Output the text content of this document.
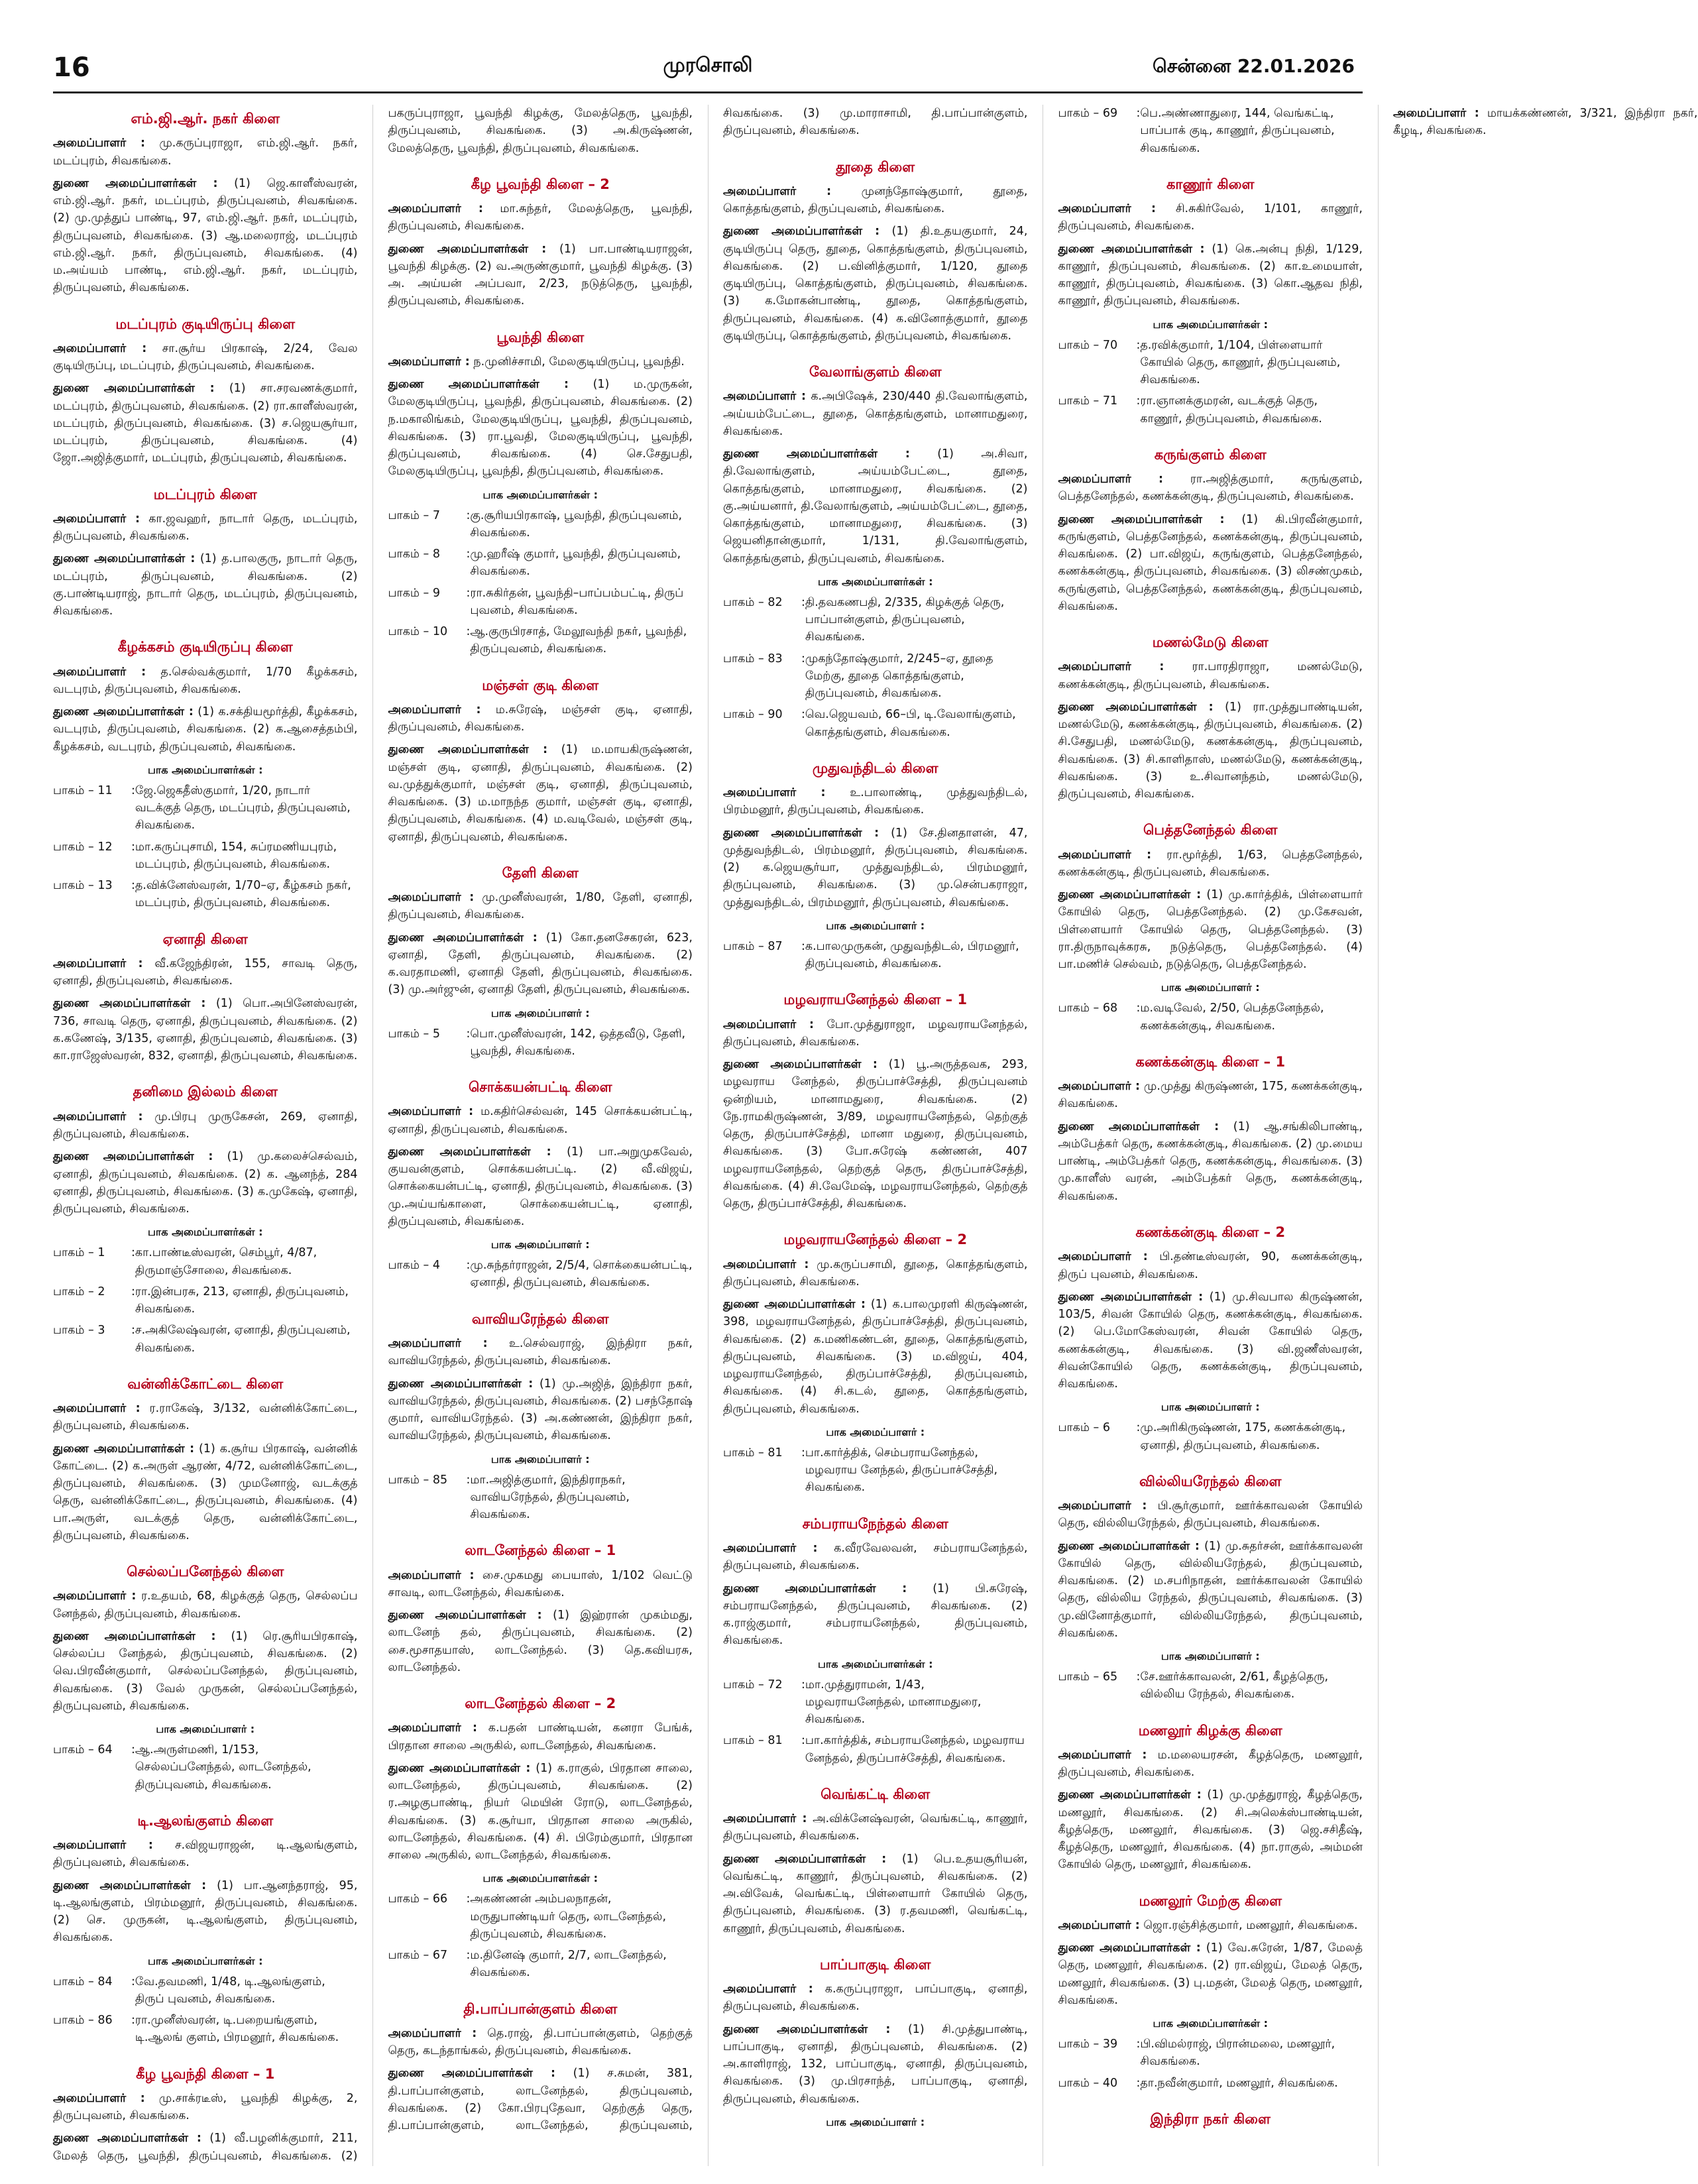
16	முரசொலி	சென்னை 22.01.2026
எம்.ஜி.ஆர். நகர் கிளை

அமைப்பாளர் : மு.கருப்புராஜா, எம்.ஜி.ஆர். நகர், மடப்புரம், சிவகங்கை.

துணை அமைப்பாளர்கள் : (1) ஜெ.காளீஸ்வரன், எம்.ஜி.ஆர். நகர், மடப்புரம், திருப்புவனம், சிவகங்கை. (2) மு.முத்துப் பாண்டி, 97, எம்.ஜி.ஆர். நகர், மடப்புரம், திருப்புவனம், சிவகங்கை. (3) ஆ.மலைராஜ், மடப்புரம் எம்.ஜி.ஆர். நகர், திருப்புவனம், சிவகங்கை. (4) ம.அய்யம் பாண்டி, எம்.ஜி.ஆர். நகர், மடப்புரம், திருப்புவனம், சிவகங்கை.

மடப்புரம் குடியிருப்பு கிளை

அமைப்பாளர் : சா.சூர்ய பிரகாஷ், 2/24, வேல குடியிருப்பு, மடப்புரம், திருப்புவனம், சிவகங்கை.

துணை அமைப்பாளர்கள் : (1) சா.சரவணக்குமார், மடப்புரம், திருப்புவனம், சிவகங்கை. (2) ரா.காளீஸ்வரன், மடப்புரம், திருப்புவனம், சிவகங்கை. (3) ச.ஜெயசூர்யா, மடப்புரம், திருப்புவனம், சிவகங்கை. (4) ஜோ.அஜித்குமார், மடப்புரம், திருப்புவனம், சிவகங்கை.

மடப்புரம் கிளை

அமைப்பாளர் : கா.ஜவஹர், நாடார் தெரு, மடப்புரம், திருப்புவனம், சிவகங்கை.

துணை அமைப்பாளர்கள் : (1) த.பாலகுரு, நாடார் தெரு, மடப்புரம், திருப்புவனம், சிவகங்கை. (2) கு.பாண்டியராஜ், நாடார் தெரு, மடப்புரம், திருப்புவனம், சிவகங்கை.

கீழக்கசம் குடியிருப்பு கிளை

அமைப்பாளர் : த.செல்வக்குமார், 1/70 கீழக்கசம், வடபுரம், திருப்புவனம், சிவகங்கை.

துணை அமைப்பாளர்கள் : (1) க.சக்தியமூர்த்தி, கீழக்கசம், வடபுரம், திருப்புவனம், சிவகங்கை. (2) க.ஆசைத்தம்பி, கீழக்கசம், வடபுரம், திருப்புவனம், சிவகங்கை.

பாக அமைப்பாளர்கள் :
பாகம் – 11	: ஜே.ஜெகதீஸ்குமார், 1/20, நாடார் வடக்குத் தெரு, மடப்புரம், திருப்புவனம், சிவகங்கை.
பாகம் – 12	: மா.கருப்புசாமி, 154, சுப்ரமணியபுரம், மடப்புரம், திருப்புவனம், சிவகங்கை.
பாகம் – 13	: த.விக்னேஸ்வரன், 1/70–ஏ, கீழ்கசம் நகர், மடப்புரம், திருப்புவனம், சிவகங்கை.
ஏனாதி கிளை

அமைப்பாளர் : வீ.கஜேந்திரன், 155, சாவடி தெரு, ஏனாதி, திருப்புவனம், சிவகங்கை.

துணை அமைப்பாளர்கள் : (1) பொ.அபினேஸ்வரன், 736, சாவடி தெரு, ஏனாதி, திருப்புவனம், சிவகங்கை. (2) க.கணேஷ், 3/135, ஏனாதி, திருப்புவனம், சிவகங்கை. (3) கா.ராஜேஸ்வரன், 832, ஏனாதி, திருப்புவனம், சிவகங்கை.

தனிமை இல்லம் கிளை

அமைப்பாளர் : மு.பிரபு முருகேசன், 269, ஏனாதி, திருப்புவனம், சிவகங்கை.

துணை அமைப்பாளர்கள் : (1) மு.கலைச்செல்வம், ஏனாதி, திருப்புவனம், சிவகங்கை. (2) க. ஆனந்த், 284 ஏனாதி, திருப்புவனம், சிவகங்கை. (3) க.முகேஷ், ஏனாதி, திருப்புவனம், சிவகங்கை.

பாக அமைப்பாளர்கள் :
பாகம் – 1	: கா.பாண்டீஸ்வரன், செம்பூர், 4/87, திருமாஞ்சோலை, சிவகங்கை.
பாகம் – 2	: ரா.இன்பரசு, 213, ஏனாதி, திருப்புவனம், சிவகங்கை.
பாகம் – 3	: ச.அகிலேஷ்வரன், ஏனாதி, திருப்புவனம், சிவகங்கை.
வன்னிக்கோட்டை கிளை

அமைப்பாளர் : ர.ராகேஷ், 3/132, வன்னிக்கோட்டை, திருப்புவனம், சிவகங்கை.

துணை அமைப்பாளர்கள் : (1) க.சூர்ய பிரகாஷ், வன்னிக் கோட்டை. (2) க.அருள் ஆரண், 4/72, வன்னிக்கோட்டை, திருப்புவனம், சிவகங்கை. (3) முமனோஜ், வடக்குத் தெரு, வன்னிக்கோட்டை, திருப்புவனம், சிவகங்கை. (4) பா.அருள், வடக்குத் தெரு, வன்னிக்கோட்டை, திருப்புவனம், சிவகங்கை.

செல்லப்பனேந்தல் கிளை

அமைப்பாளர் : ர.உதயம், 68, கிழக்குத் தெரு, செல்லப்ப னேந்தல், திருப்புவனம், சிவகங்கை.

துணை அமைப்பாளர்கள் : (1) ரெ.சூரியபிரகாஷ், செல்லப்ப னேந்தல், திருப்புவனம், சிவகங்கை. (2) வெ.பிரவீன்குமார், செல்லப்பனேந்தல், திருப்புவனம், சிவகங்கை. (3) வேல் முருகன், செல்லப்பனேந்தல், திருப்புவனம், சிவகங்கை.

பாக அமைப்பாளர் :
பாகம் – 64	: ஆ.அருள்மணி, 1/153, செல்லப்பனேந்தல், லாடனேந்தல், திருப்புவனம், சிவகங்கை.
டி.ஆலங்குளம் கிளை

அமைப்பாளர் : ச.விஜயராஜன், டி.ஆலங்குளம், திருப்புவனம், சிவகங்கை.

துணை அமைப்பாளர்கள் : (1) பா.ஆனந்தராஜ், 95, டி.ஆலங்குளம், பிரம்மனூர், திருப்புவனம், சிவகங்கை. (2) செ. முருகன், டி.ஆலங்குளம், திருப்புவனம், சிவகங்கை.

பாக அமைப்பாளர்கள் :
பாகம் – 84	: வே.தவமணி, 1/48, டி.ஆலங்குளம், திருப் புவனம், சிவகங்கை.
பாகம் – 86	: ரா.முனீஸ்வரன், டி.பறையங்குளம், டி.ஆலங் குளம், பிரமனூர், சிவகங்கை.
கீழ பூவந்தி கிளை – 1

அமைப்பாளர் : மு.சாக்ரடீஸ், பூவந்தி கிழக்கு, 2, திருப்புவனம், சிவகங்கை.

துணை அமைப்பாளர்கள் : (1) வீ.பழனிக்குமார், 211, மேலத் தெரு, பூவந்தி, திருப்புவனம், சிவகங்கை. (2) பகருப்புராஜா, பூவந்தி கிழக்கு, மேலத்தெரு, பூவந்தி, திருப்புவனம், சிவகங்கை. (3) அ.கிருஷ்ணன், மேலத்தெரு, பூவந்தி, திருப்புவனம், சிவகங்கை.

கீழ பூவந்தி கிளை – 2

அமைப்பாளர் : மா.சுந்தர், மேலத்தெரு, பூவந்தி, திருப்புவனம், சிவகங்கை.

துணை அமைப்பாளர்கள் : (1) பா.பாண்டியராஜன், பூவந்தி கிழக்கு. (2) வ.அருண்குமார், பூவந்தி கிழக்கு. (3) அ. அய்யன் அப்பவா, 2/23, நடுத்தெரு, பூவந்தி, திருப்புவனம், சிவகங்கை.

பூவந்தி கிளை

அமைப்பாளர் : ந.முனிச்சாமி, மேலகுடியிருப்பு, பூவந்தி.

துணை அமைப்பாளர்கள் : (1) ம.முருகன், மேலகுடியிருப்பு, பூவந்தி, திருப்புவனம், சிவகங்கை. (2) ந.மகாலிங்கம், மேலகுடியிருப்பு, பூவந்தி, திருப்புவனம், சிவகங்கை. (3) ரா.பூவதி, மேலகுடியிருப்பு, பூவந்தி, திருப்புவனம், சிவகங்கை. (4) செ.சேதுபதி, மேலகுடியிருப்பு, பூவந்தி, திருப்புவனம், சிவகங்கை.

பாக அமைப்பாளர்கள் :
பாகம் – 7	: கு.சூரியபிரகாஷ், பூவந்தி, திருப்புவனம், சிவகங்கை.
பாகம் – 8	: மு.ஹரீஷ் குமார், பூவந்தி, திருப்புவனம், சிவகங்கை.
பாகம் – 9	: ரா.சுகிர்தன், பூவந்தி–பாப்பம்பட்டி, திருப் புவனம், சிவகங்கை.
பாகம் – 10	: ஆ.குருபிரசாத், மேலூவந்தி நகர், பூவந்தி, திருப்புவனம், சிவகங்கை.
மஞ்சள் குடி கிளை

அமைப்பாளர் : ம.சுரேஷ், மஞ்சள் குடி, ஏனாதி, திருப்புவனம், சிவகங்கை.

துணை அமைப்பாளர்கள் : (1) ம.மாயகிருஷ்ணன், மஞ்சள் குடி, ஏனாதி, திருப்புவனம், சிவகங்கை. (2) வ.முத்துக்குமார், மஞ்சள் குடி, ஏனாதி, திருப்புவனம், சிவகங்கை. (3) ம.மாநந்த குமார், மஞ்சள் குடி, ஏனாதி, திருப்புவனம், சிவகங்கை. (4) ம.வடிவேல், மஞ்சள் குடி, ஏனாதி, திருப்புவனம், சிவகங்கை.

தேளி கிளை

அமைப்பாளர் : மு.முனீஸ்வரன், 1/80, தேளி, ஏனாதி, திருப்புவனம், சிவகங்கை.

துணை அமைப்பாளர்கள் : (1) கோ.தனசேகரன், 623, ஏனாதி, தேளி, திருப்புவனம், சிவகங்கை. (2) க.வரதாமணி, ஏனாதி தேளி, திருப்புவனம், சிவகங்கை. (3) மு.அர்ஜுன், ஏனாதி தேளி, திருப்புவனம், சிவகங்கை.

பாக அமைப்பாளர் :
பாகம் – 5	: பொ.முனீஸ்வரன், 142, ஒத்தவீடு, தேளி, பூவந்தி, சிவகங்கை.
சொக்கயன்பட்டி கிளை

அமைப்பாளர் : ம.கதிர்செல்வன், 145 சொக்கயன்பட்டி, ஏனாதி, திருப்புவனம், சிவகங்கை.

துணை அமைப்பாளர்கள் : (1) பா.அறுமுகவேல், குயவன்குளம், சொக்கயன்பட்டி. (2) வீ.விஜய், சொக்கையன்பட்டி, ஏனாதி, திருப்புவனம், சிவகங்கை. (3) மு.அய்யங்காளை, சொக்கையன்பட்டி, ஏனாதி, திருப்புவனம், சிவகங்கை.

பாக அமைப்பாளர் :
பாகம் – 4	: மு.சுந்தர்ராஜன், 2/5/4, சொக்கையன்பட்டி, ஏனாதி, திருப்புவனம், சிவகங்கை.
வாவியரேந்தல் கிளை

அமைப்பாளர் : உ.செல்வராஜ், இந்திரா நகர், வாவியரேந்தல், திருப்புவனம், சிவகங்கை.

துணை அமைப்பாளர்கள் : (1) மு.அஜித், இந்திரா நகர், வாவியரேந்தல், திருப்புவனம், சிவகங்கை. (2) பசந்தோஷ் குமார், வாவியரேந்தல். (3) அ.கண்ணன், இந்திரா நகர், வாவியரேந்தல், திருப்புவனம், சிவகங்கை.

பாக அமைப்பாளர் :
பாகம் – 85	: மா.அஜித்குமார், இந்திராநகர், வாவியரேந்தல், திருப்புவனம், சிவகங்கை.
லாடனேந்தல் கிளை – 1

அமைப்பாளர் : சை.முகமது பையாஸ், 1/102 வெட்டு சாவடி, லாடனேந்தல், சிவகங்கை.

துணை அமைப்பாளர்கள் : (1) இஹ்ரான் முகம்மது, லாடனேந் தல், திருப்புவனம், சிவகங்கை. (2) சை.மூசாதயாஸ், லாடனேந்தல். (3) தெ.கவியரசு, லாடனேந்தல்.

லாடனேந்தல் கிளை – 2

அமைப்பாளர் : க.பதன் பாண்டியன், கனரா பேங்க், பிரதான சாலை அருகில், லாடனேந்தல், சிவகங்கை.

துணை அமைப்பாளர்கள் : (1) க.ராகுல், பிரதான சாலை, லாடனேந்தல், திருப்புவனம், சிவகங்கை. (2) ர.அழகுபாண்டி, நியர் மெயின் ரோடு, லாடனேந்தல், சிவகங்கை. (3) க.சூர்யா, பிரதான சாலை அருகில், லாடனேந்தல், சிவகங்கை. (4) சி. பிரேம்குமார், பிரதான சாலை அருகில், லாடனேந்தல், சிவகங்கை.

பாக அமைப்பாளர்கள் :
பாகம் – 66	: அகண்ணன் அம்பலநாதன், மருதுபாண்டியர் தெரு, லாடனேந்தல், திருப்புவனம், சிவகங்கை.
பாகம் – 67	: ம.தினேஷ் குமார், 2/7, லாடனேந்தல், சிவகங்கை.
தி.பாப்பான்குளம் கிளை

அமைப்பாளர் : தெ.ராஜ், தி.பாப்பான்குளம், தெற்குத் தெரு, கடந்தாங்கல், திருப்புவனம், சிவகங்கை.

துணை அமைப்பாளர்கள் : (1) ச.சுமன், 381, தி.பாப்பான்குளம், லாடனேந்தல், திருப்புவனம், சிவகங்கை. (2) கோ.பிரபுதேவா, தெற்குத் தெரு, தி.பாப்பான்குளம், லாடனேந்தல், திருப்புவனம், சிவகங்கை. (3) மு.மாராசாமி, தி.பாப்பான்குளம், திருப்புவனம், சிவகங்கை.

தூதை கிளை

அமைப்பாளர் :	முனந்தோஷ்குமார், தூதை, கொத்தங்குளம், திருப்புவனம், சிவகங்கை.

துணை அமைப்பாளர்கள் : (1) தி.உதயகுமார், 24, குடியிருப்பு தெரு, தூதை, கொத்தங்குளம், திருப்புவனம், சிவகங்கை. (2) ப.வினித்குமார், 1/120, தூதை குடியிருப்பு, கொத்தங்குளம், திருப்புவனம், சிவகங்கை. (3) க.மோகன்பாண்டி, தூதை, கொத்தங்குளம், திருப்புவனம், சிவகங்கை. (4) க.வினோத்குமார், தூதை குடியிருப்பு, கொத்தங்குளம், திருப்புவனம், சிவகங்கை.

வேலாங்குளம் கிளை

அமைப்பாளர் : க.அபிஷேக், 230/440 தி.வேலாங்குளம், அய்யம்பேட்டை, தூதை, கொத்தங்குளம், மானாமதுரை, சிவகங்கை.

துணை அமைப்பாளர்கள் : (1) அ.சிவா, தி.வேலாங்குளம், அய்யம்பேட்டை, தூதை, கொத்தங்குளம், மானாமதுரை, சிவகங்கை. (2) கு.அய்யனார், தி.வேலாங்குளம், அய்யம்பேட்டை, தூதை, கொத்தங்குளம், மானாமதுரை, சிவகங்கை. (3) ஜெயனிதான்குமார், 1/131, தி.வேலாங்குளம், கொத்தங்குளம், திருப்புவனம், சிவகங்கை.

பாக அமைப்பாளர்கள் :
பாகம் – 82	: தி.தவகணபதி, 2/335, கிழக்குத் தெரு, பாப்பான்குளம், திருப்புவனம், சிவகங்கை.
பாகம் – 83	: முகந்தோஷ்குமார், 2/245–ஏ, தூதை மேற்கு, தூதை கொத்தங்குளம், திருப்புவனம், சிவகங்கை.
பாகம் – 90	: வெ.ஜெயவம், 66–பி, டி.வேலாங்குளம், கொத்தங்குளம், சிவகங்கை.
முதுவந்திடல் கிளை

அமைப்பாளர் : உ.பாலாண்டி, முத்துவந்திடல், பிரம்மனூர், திருப்புவனம், சிவகங்கை.

துணை அமைப்பாளர்கள் : (1) சே.தினதாளன், 47, முத்துவந்திடல், பிரம்மனூர், திருப்புவனம், சிவகங்கை. (2) க.ஜெயசூர்யா, முத்துவந்திடல், பிரம்மனூர், திருப்புவனம், சிவகங்கை. (3) மு.சென்பகராஜா, முத்துவந்திடல், பிரம்மனூர், திருப்புவனம், சிவகங்கை.

பாக அமைப்பாளர் :
பாகம் – 87	: க.பாலமுருகன், முதுவந்திடல், பிரமனூர், திருப்புவனம், சிவகங்கை.
மழவராயனேந்தல் கிளை – 1

அமைப்பாளர் : போ.முத்துராஜா, மழவராயனேந்தல், திருப்புவனம், சிவகங்கை.

துணை அமைப்பாளர்கள் : (1) பூ.அருத்தவக, 293, மழவராய னேந்தல், திருப்பாச்சேத்தி, திருப்புவனம் ஒன்றியம், மானாமதுரை, சிவகங்கை. (2) நே.ராமகிருஷ்ணன், 3/89, மழவராயனேந்தல், தெற்குத் தெரு, திருப்பாச்சேத்தி, மானா மதுரை, திருப்புவனம், சிவகங்கை. (3) போ.சுரேஷ் கண்ணன், 407 மழவராயனேந்தல், தெற்குத் தெரு, திருப்பாச்சேத்தி, சிவகங்கை. (4) சி.வேமேஷ், மழவராயனேந்தல், தெற்குத் தெரு, திருப்பாச்சேத்தி, சிவகங்கை.

மழவராயனேந்தல் கிளை – 2

அமைப்பாளர் : மு.கருப்பசாமி, தூதை, கொத்தங்குளம், திருப்புவனம், சிவகங்கை.

துணை அமைப்பாளர்கள் : (1) க.பாலமுரளி கிருஷ்ணன், 398, மழவராயனேந்தல், திருப்பாச்சேத்தி, திருப்புவனம், சிவகங்கை. (2) க.மணிகண்டன், தூதை, கொத்தங்குளம், திருப்புவனம், சிவகங்கை. (3) ம.விஜய், 404, மழவராயனேந்தல், திருப்பாச்சேத்தி, திருப்புவனம், சிவகங்கை. (4) சி.கடல், தூதை, கொத்தங்குளம், திருப்புவனம், சிவகங்கை.

பாக அமைப்பாளர் :
பாகம் – 81	: பா.கார்த்திக், செம்பராயனேந்தல், மழவராய னேந்தல், திருப்பாச்சேத்தி, சிவகங்கை.
சம்பராயநேந்தல் கிளை

அமைப்பாளர் : க.வீரவேலவன், சம்பராயனேந்தல், திருப்புவனம், சிவகங்கை.

துணை அமைப்பாளர்கள் : (1) பி.சுரேஷ், சம்பராயனேந்தல், திருப்புவனம், சிவகங்கை. (2) க.ராஜ்குமார், சம்பராயனேந்தல், திருப்புவனம், சிவகங்கை.

பாக அமைப்பாளர்கள் :
பாகம் – 72	: மா.முத்துராமன், 1/43, மழவராயனேந்தல், மானாமதுரை, சிவகங்கை.
பாகம் – 81	: பா.கார்த்திக், சம்பராயனேந்தல், மழவராய னேந்தல், திருப்பாச்சேத்தி, சிவகங்கை.
வெங்கட்டி கிளை

அமைப்பாளர் : அ.விக்னேஷ்வரன், வெங்கட்டி, காணூர், திருப்புவனம், சிவகங்கை.

துணை அமைப்பாளர்கள் : (1) பெ.உதயசூரியன், வெங்கட்டி, காணூர், திருப்புவனம், சிவகங்கை. (2) அ.விவேக், வெங்கட்டி, பிள்ளையார் கோயில் தெரு, திருப்புவனம், சிவகங்கை. (3) ர.தவமணி, வெங்கட்டி, காணூர், திருப்புவனம், சிவகங்கை.

பாப்பாகுடி கிளை

அமைப்பாளர் : க.கருப்புராஜா, பாப்பாகுடி, ஏனாதி, திருப்புவனம், சிவகங்கை.

துணை அமைப்பாளர்கள் : (1) சி.முத்துபாண்டி, பாப்பாகுடி, ஏனாதி, திருப்புவனம், சிவகங்கை. (2) அ.காளிராஜ், 132, பாப்பாகுடி, ஏனாதி, திருப்புவனம், சிவகங்கை. (3) மு.பிரசாந்த், பாப்பாகுடி, ஏனாதி, திருப்புவனம், சிவகங்கை.

பாக அமைப்பாளர் :
பாகம் – 69	: பெ.அண்ணாதுரை, 144, வெங்கட்டி, பாப்பாக் குடி, காணூர், திருப்புவனம், சிவகங்கை.
காணூர் கிளை

அமைப்பாளர் : சி.சுகிர்வேல், 1/101, காணூர், திருப்புவனம், சிவகங்கை.

துணை அமைப்பாளர்கள் : (1) கெ.அன்பு நிதி, 1/129, காணூர், திருப்புவனம், சிவகங்கை. (2) கா.உமையாள், காணூர், திருப்புவனம், சிவகங்கை. (3) கொ.ஆதவ நிதி, காணூர், திருப்புவனம், சிவகங்கை.

பாக அமைப்பாளர்கள் :
பாகம் – 70	: த.ரவிக்குமார், 1/104, பிள்ளையார் கோயில் தெரு, காணூர், திருப்புவனம், சிவகங்கை.
பாகம் – 71	: ரா.ஞானக்குமரன், வடக்குத் தெரு, காணூர், திருப்புவனம், சிவகங்கை.
கருங்குளம் கிளை

அமைப்பாளர் : ரா.அஜித்குமார், கருங்குளம், பெத்தனேந்தல், கணக்கன்குடி, திருப்புவனம், சிவகங்கை.

துணை அமைப்பாளர்கள் : (1) கி.பிரவீன்குமார், கருங்குளம், பெத்தனேந்தல், கணக்கன்குடி, திருப்புவனம், சிவகங்கை. (2) பா.விஜய், கருங்குளம், பெத்தனேந்தல், கணக்கன்குடி, திருப்புவனம், சிவகங்கை. (3) லிசண்முகம், கருங்குளம், பெத்தனேந்தல், கணக்கன்குடி, திருப்புவனம், சிவகங்கை.

மணல்மேடு கிளை

அமைப்பாளர் : ரா.பாரதிராஜா, மணல்மேடு, கணக்கன்குடி, திருப்புவனம், சிவகங்கை.

துணை அமைப்பாளர்கள் : (1) ரா.முத்துபாண்டியன், மணல்மேடு, கணக்கன்குடி, திருப்புவனம், சிவகங்கை. (2) சி.சேதுபதி, மணல்மேடு, கணக்கன்குடி, திருப்புவனம், சிவகங்கை. (3) சி.காளிதாஸ், மணல்மேடு, கணக்கன்குடி, சிவகங்கை. (3) உ.சிவானந்தம், மணல்மேடு, திருப்புவனம், சிவகங்கை.

பெத்தனேந்தல் கிளை

அமைப்பாளர் : ரா.மூர்த்தி, 1/63, பெத்தனேந்தல், கணக்கன்குடி, திருப்புவனம், சிவகங்கை.

துணை அமைப்பாளர்கள் : (1) மு.கார்த்திக், பிள்ளையார் கோயில் தெரு, பெத்தனேந்தல். (2) மு.கேசவன், பிள்ளையார் கோயில் தெரு, பெத்தனேந்தல். (3) ரா.திருநாவுக்கரசு, நடுத்தெரு, பெத்தனேந்தல். (4) பா.மணிச் செல்வம், நடுத்தெரு, பெத்தனேந்தல்.

பாக அமைப்பாளர் :
பாகம் – 68	: ம.வடிவேல், 2/50, பெத்தனேந்தல், கணக்கன்குடி, சிவகங்கை.
கணக்கன்குடி கிளை – 1

அமைப்பாளர் : மு.முத்து கிருஷ்ணன், 175, கணக்கன்குடி, சிவகங்கை.

துணை அமைப்பாளர்கள் : (1) ஆ.சங்கிலிபாண்டி, அம்பேத்கர் தெரு, கணக்கன்குடி, சிவகங்கை. (2) மு.மைய பாண்டி, அம்பேத்கர் தெரு, கணக்கன்குடி, சிவகங்கை. (3) மு.காளீஸ் வரன், அம்பேத்கர் தெரு, கணக்கன்குடி, சிவகங்கை.

கணக்கன்குடி கிளை – 2

அமைப்பாளர் : பி.தண்டீஸ்வரன், 90, கணக்கன்குடி, திருப் புவனம், சிவகங்கை.

துணை அமைப்பாளர்கள் : (1) மு.சிவபால கிருஷ்ணன், 103/5, சிவன் கோயில் தெரு, கணக்கன்குடி, சிவகங்கை. (2) பெ.மோகேஸ்வரன், சிவன் கோயில் தெரு, கணக்கன்குடி, சிவகங்கை. (3) வி.ஜணீஸ்வரன், சிவன்கோயில் தெரு, கணக்கன்குடி, திருப்புவனம், சிவகங்கை.

பாக அமைப்பாளர் :
பாகம் – 6	: மு.அரிகிருஷ்ணன், 175, கணக்கன்குடி, ஏனாதி, திருப்புவனம், சிவகங்கை.
வில்லியரேந்தல் கிளை

அமைப்பாளர் : பி.சூர்குமார், ஊர்க்காவலன் கோயில் தெரு, வில்லியரேந்தல், திருப்புவனம், சிவகங்கை.

துணை அமைப்பாளர்கள் : (1) மு.சுதர்சன், ஊர்க்காவலன் கோயில் தெரு, வில்லியரேந்தல், திருப்புவனம், சிவகங்கை. (2) ம.சபரிநாதன், ஊர்க்காவலன் கோயில் தெரு, வில்லிய ரேந்தல், திருப்புவனம், சிவகங்கை. (3) மு.வினோத்குமார், வில்லியரேந்தல், திருப்புவனம், சிவகங்கை.

பாக அமைப்பாளர் :
பாகம் – 65	: சே.ஊர்க்காவலன், 2/61, கீழத்தெரு, வில்லிய ரேந்தல், சிவகங்கை.
மணலூர் கிழக்கு கிளை

அமைப்பாளர் : ம.மலையரசன், கீழத்தெரு, மணலூர், திருப்புவனம், சிவகங்கை.

துணை அமைப்பாளர்கள் : (1) மு.முத்துராஜ், கீழத்தெரு, மணலூர், சிவகங்கை. (2) சி.அலெக்ஸ்பாண்டியன், கீழத்தெரு, மணலூர், சிவகங்கை. (3) ஜெ.சசிதீஷ், கீழத்தெரு, மணலூர், சிவகங்கை. (4) நா.ராகுல், அம்மன் கோயில் தெரு, மணலூர், சிவகங்கை.

மணலூர் மேற்கு கிளை

அமைப்பாளர் : ஜொ.ரஞ்சித்குமார், மணலூர், சிவகங்கை.

துணை அமைப்பாளர்கள் : (1) வே.சுரேன், 1/87, மேலத் தெரு, மணலூர், சிவகங்கை. (2) ரா.விஜய், மேலத் தெரு, மணலூர், சிவகங்கை. (3) பு.மதன், மேலத் தெரு, மணலூர், சிவகங்கை.

பாக அமைப்பாளர்கள் :
பாகம் – 39	: பி.விமல்ராஜ், பிரான்மலை, மணலூர், சிவகங்கை.
பாகம் – 40	: தா.நவீன்குமார், மணலூர், சிவகங்கை.
இந்திரா நகர் கிளை

அமைப்பாளர் : மாயக்கண்ணன், 3/321, இந்திரா நகர், கீழடி, சிவகங்கை.
